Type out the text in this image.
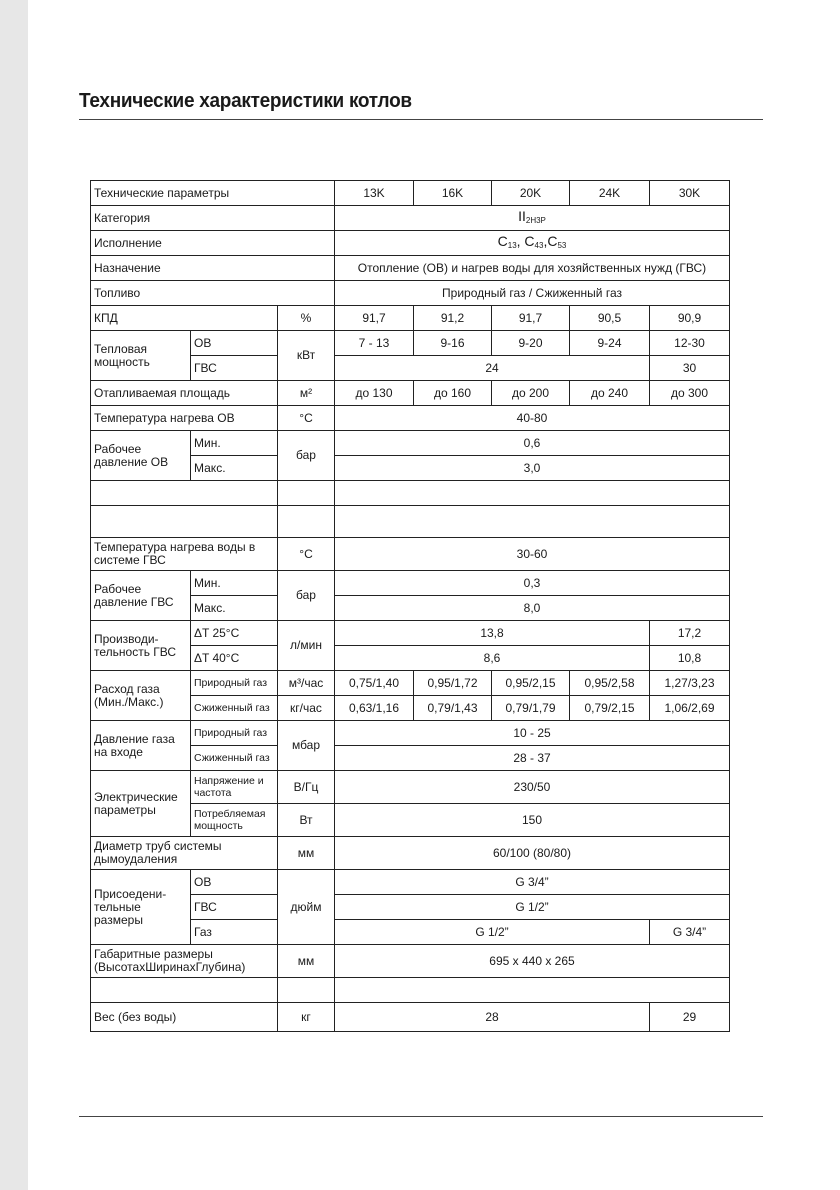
Технические характеристики котлов
Технические параметры			13K	16K	20K	24K	30K
Категория			$II_{2H3P}$
Исполнение			$C_{13}$, $C_{43},C_{53}$
Назначение			Отопление (ОВ) и нагрев воды для хозяйственных нужд (ГВС)				
Топливо			Природный газ / Сжиженный газ				
КПД		%	91,7	91,2	91,7	90,5	90,9
Тепловая мощность	ОВ	кВт	7 - 13	9-16	9-20	9-24	12-30
	ГВС		24				30
Отапливаемая площадь		м²	до 130	до 160	до 200	до 240	до 300
Температура нагрева ОВ		°C	40-80				
Рабочее давление ОВ	Мин.	бар	0,6				
	Макс.		3,0				

Температура нагрева воды в системе ГВС		°C	30-60				
Рабочее давление ГВС	Мин.	бар	0,3				
	Макс.		8,0				
Производи-тельность ГВС	ΔT 25°C	л/мин	13,8				17,2
	ΔT 40°C		8,6				10,8
Расход газа (Мин./Макс.)	Природный газ	м³/час	0,75/1,40	0,95/1,72	0,95/2,15	0,95/2,58	1,27/3,23
	Сжиженный газ	кг/час	0,63/1,16	0,79/1,43	0,79/1,79	0,79/2,15	1,06/2,69
Давление газа на входе	Природный газ	мбар	10 - 25				
	Сжиженный газ		28 - 37				
Электрические параметры	Напряжение и частота	В/Гц	230/50				
	Потребляемая мощность	Вт	150				
Диаметр труб системы дымоудаления		мм	60/100 (80/80)				
Присоедени-тельные размеры	ОВ	дюйм	G 3/4”				
	ГВС		G 1/2”				
	Газ		G 1/2”				G 3/4”
Габаритные размеры (ВысотахШиринахГлубина)		мм	695 x 440 x 265				

Вес (без воды)		кг	28				29
